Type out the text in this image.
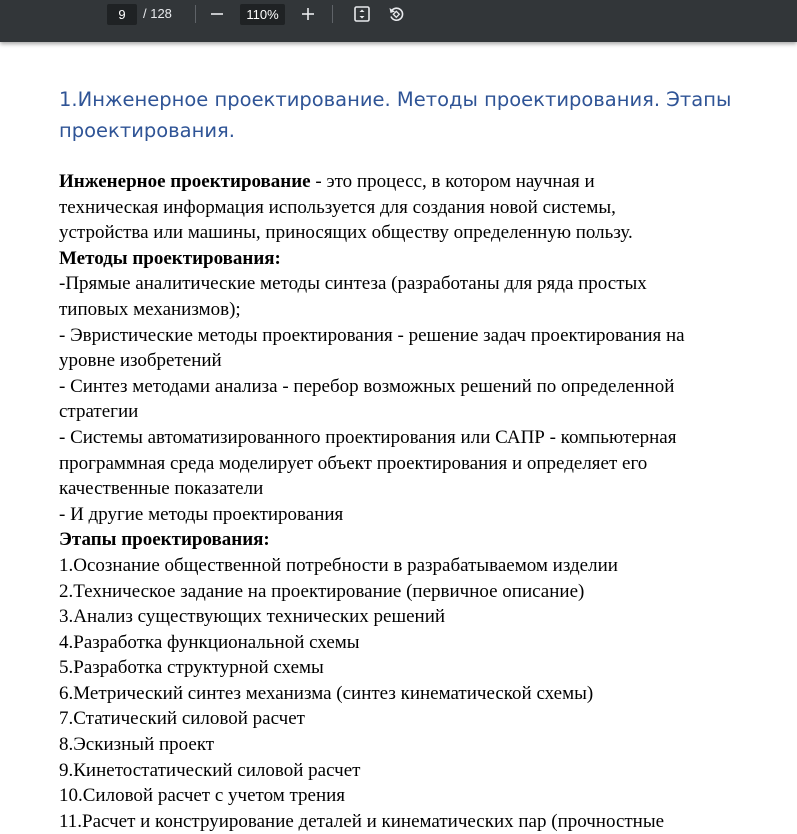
9	/ 128	110%
1.Инженерное проектирование. Методы проектирования. Этапы
проектирования.

Инженерное проектирование - это процесс, в котором научная и

техническая информация используется для создания новой системы,

устройства или машины, приносящих обществу определенную пользу.

Методы проектирования:

-Прямые аналитические методы синтеза (разработаны для ряда простых

типовых механизмов);

- Эвристические методы проектирования - решение задач проектирования на

уровне изобретений

- Синтез методами анализа - перебор возможных решений по определенной

стратегии

- Системы автоматизированного проектирования или САПР - компьютерная

программная среда моделирует объект проектирования и определяет его

качественные показатели

- И другие методы проектирования

Этапы проектирования:

1.Осознание общественной потребности в разрабатываемом изделии

2.Техническое задание на проектирование (первичное описание)

3.Анализ существующих технических решений

4.Разработка функциональной схемы

5.Разработка структурной схемы

6.Метрический синтез механизма (синтез кинематической схемы)

7.Статический силовой расчет

8.Эскизный проект

9.Кинетостатический силовой расчет

10.Силовой расчет с учетом трения

11.Расчет и конструирование деталей и кинематических пар (прочностные
